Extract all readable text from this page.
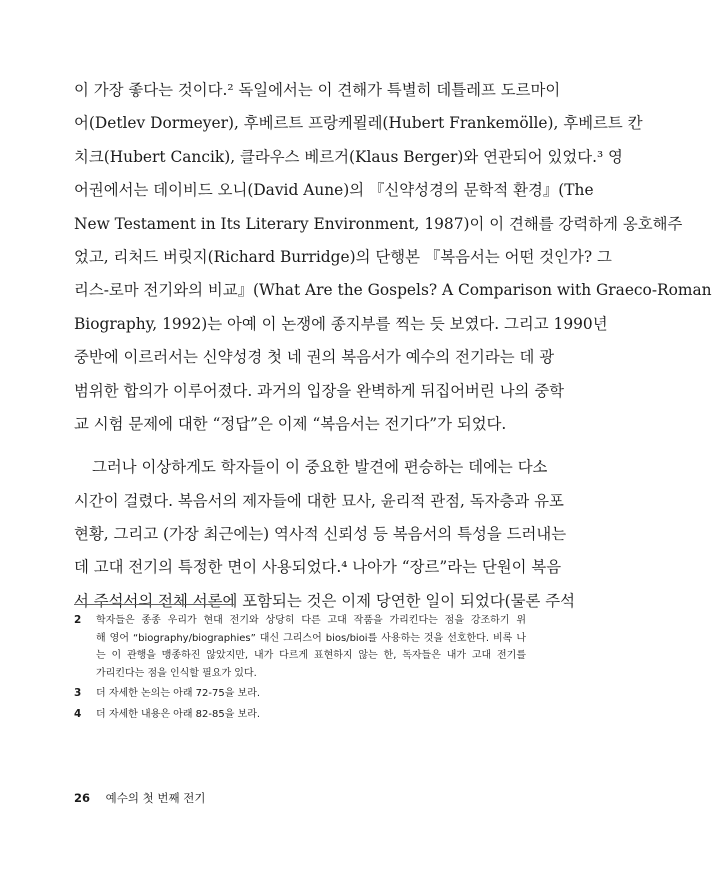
이 가장 좋다는 것이다.² 독일에서는 이 견해가 특별히 데틀레프 도르마이
어(Detlev Dormeyer), 후베르트 프랑케묄레(Hubert Frankemölle), 후베르트 칸
치크(Hubert Cancik), 클라우스 베르거(Klaus Berger)와 연관되어 있었다.³ 영
어권에서는 데이비드 오니(David Aune)의 『신약성경의 문학적 환경』(The
New Testament in Its Literary Environment, 1987)이 이 견해를 강력하게 옹호해주
었고, 리처드 버릿지(Richard Burridge)의 단행본 『복음서는 어떤 것인가? 그
리스-로마 전기와의 비교』(What Are the Gospels? A Comparison with Graeco-Roman
Biography, 1992)는 아예 이 논쟁에 종지부를 찍는 듯 보였다. 그리고 1990년
중반에 이르러서는 신약성경 첫 네 권의 복음서가 예수의 전기라는 데 광
범위한 합의가 이루어졌다. 과거의 입장을 완벽하게 뒤집어버린 나의 중학
교 시험 문제에 대한 “정답”은 이제 “복음서는 전기다”가 되었다.
그러나 이상하게도 학자들이 이 중요한 발견에 편승하는 데에는 다소
시간이 걸렸다. 복음서의 제자들에 대한 묘사, 윤리적 관점, 독자층과 유포
현황, 그리고 (가장 최근에는) 역사적 신뢰성 등 복음서의 특성을 드러내는
데 고대 전기의 특정한 면이 사용되었다.⁴ 나아가 “장르”라는 단원이 복음
서 주석서의 전체 서론에 포함되는 것은 이제 당연한 일이 되었다(물론 주석
2	학자들은 종종 우리가 현대 전기와 상당히 다른 고대 작품을 가리킨다는 점을 강조하기 위
해 영어 “biography/biographies” 대신 그리스어 bios/bioi를 사용하는 것을 선호한다. 비록 나
는 이 관행을 맹종하진 않았지만, 내가 다르게 표현하지 않는 한, 독자들은 내가 고대 전기를
가리킨다는 점을 인식할 필요가 있다.
3	더 자세한 논의는 아래 72-75을 보라.
4	더 자세한 내용은 아래 82-85을 보라.
26 예수의 첫 번째 전기
